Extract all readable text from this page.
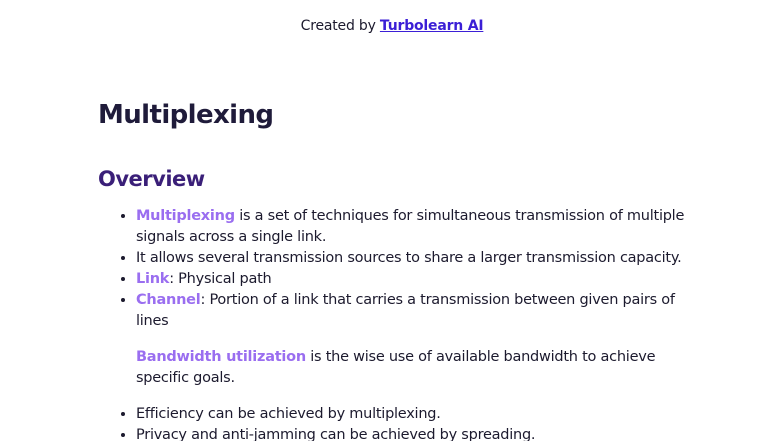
Created by Turbolearn AI
Multiplexing
Overview
• Multiplexing is a set of techniques for simultaneous transmission of multiple signals across a single link.
• It allows several transmission sources to share a larger transmission capacity.
• Link: Physical path
• Channel: Portion of a link that carries a transmission between given pairs of lines

Bandwidth utilization is the wise use of available bandwidth to achieve specific goals.

• Efficiency can be achieved by multiplexing.
• Privacy and anti-jamming can be achieved by spreading.
